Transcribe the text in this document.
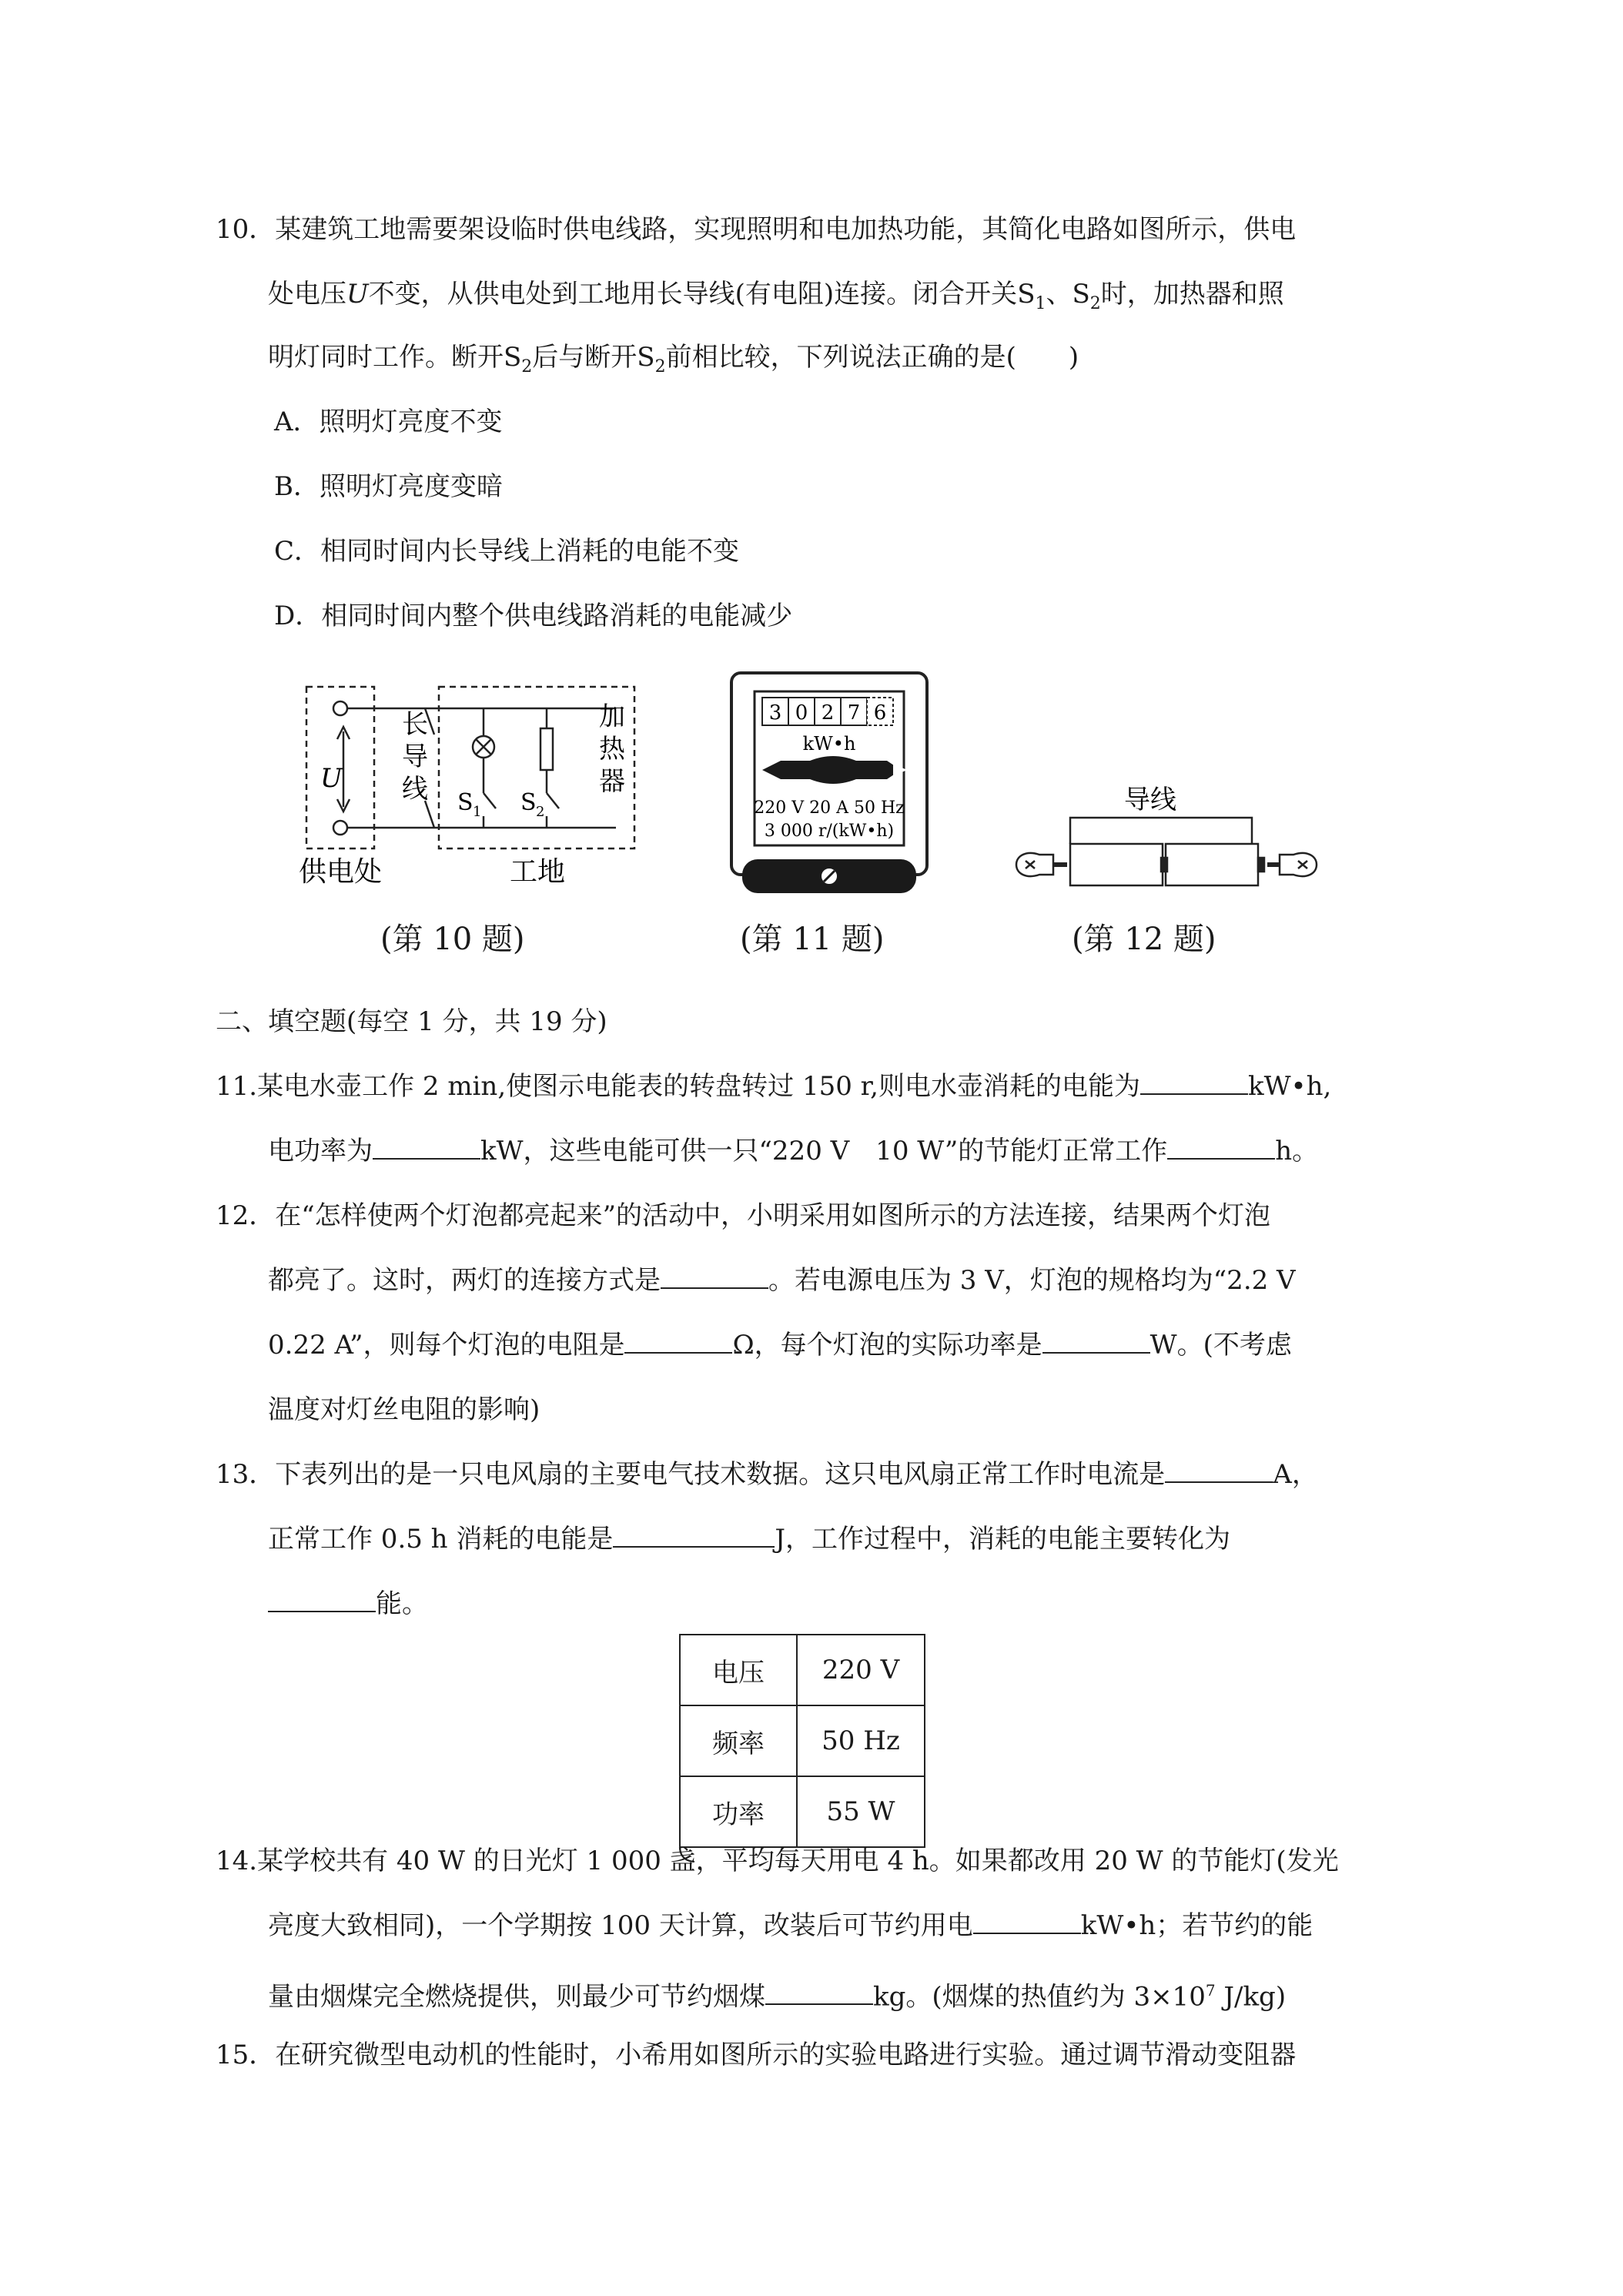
10．某建筑工地需要架设临时供电线路，实现照明和电加热功能，其简化电路如图所示，供电
处电压U不变，从供电处到工地用长导线(有电阻)连接。闭合开关$S_1$、$S_2$时，加热器和照
明灯同时工作。断开$S_2$后与断开$S_2$前相比较，下列说法正确的是(　　)
A．照明灯亮度不变
B．照明灯亮度变暗
C．相同时间内长导线上消耗的电能不变
D．相同时间内整个供电线路消耗的电能减少
U
长
导
线
加
热
器
S 1 S 2
供电处	工地
3 0 2 7 6
kW•h
220 V 20 A 50 Hz
3 000 r/(kW•h)
导线
(第 10 题)	(第 11 题)	(第 12 题)
二、填空题(每空 1 分，共 19 分)
11.某电水壶工作 2 min,使图示电能表的转盘转过 150 r,则电水壶消耗的电能为	kW•h,
电功率为	kW，这些电能可供一只“220 V　10 W”的节能灯正常工作	h。
12．在“怎样使两个灯泡都亮起来”的活动中，小明采用如图所示的方法连接，结果两个灯泡
都亮了。这时，两灯的连接方式是	。若电源电压为 3 V，灯泡的规格均为“2.2 V
0.22 A”，则每个灯泡的电阻是	Ω，每个灯泡的实际功率是	W。(不考虑
温度对灯丝电阻的影响)
13．下表列出的是一只电风扇的主要电气技术数据。这只电风扇正常工作时电流是	A，
正常工作 0.5 h 消耗的电能是	J，工作过程中，消耗的电能主要转化为
能。
电压	220 V
频率	50 Hz
功率	55 W
14.某学校共有 40 W 的日光灯 1 000 盏，平均每天用电 4 h。如果都改用 20 W 的节能灯(发光
亮度大致相同)，一个学期按 100 天计算，改装后可节约用电	kW•h；若节约的能
量由烟煤完全燃烧提供，则最少可节约烟煤	kg。(烟煤的热值约为 $3\times 10^7$ J/kg)
15．在研究微型电动机的性能时，小希用如图所示的实验电路进行实验。通过调节滑动变阻器
